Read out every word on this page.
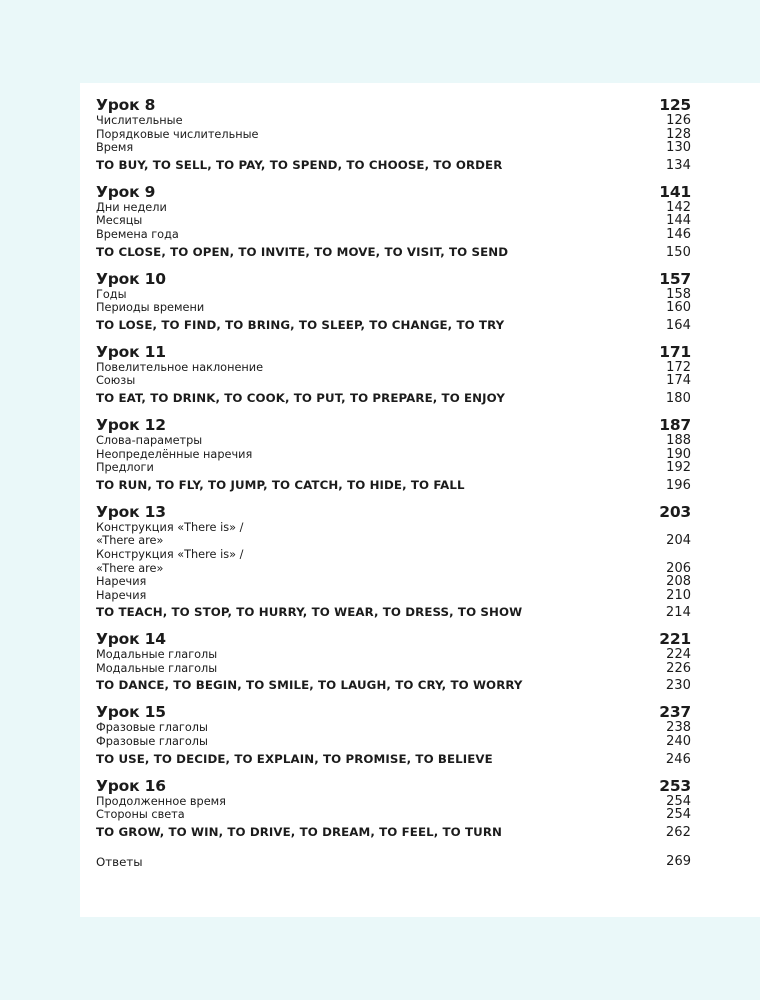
Урок 8	125
Числительные	126
Порядковые числительные	128
Время	130
TO BUY, TO SELL, TO PAY, TO SPEND, TO CHOOSE, TO ORDER	134
Урок 9	141
Дни недели	142
Месяцы	144
Времена года	146
TO CLOSE, TO OPEN, TO INVITE, TO MOVE, TO VISIT, TO SEND	150
Урок 10	157
Годы	158
Периоды времени	160
TO LOSE, TO FIND, TO BRING, TO SLEEP, TO CHANGE, TO TRY	164
Урок 11	171
Повелительное наклонение	172
Союзы	174
TO EAT, TO DRINK, TO COOK, TO PUT, TO PREPARE, TO ENJOY	180
Урок 12	187
Слова-параметры	188
Неопределённые наречия	190
Предлоги	192
TO RUN, TO FLY, TO JUMP, TO CATCH, TO HIDE, TO FALL	196
Урок 13	203
Конструкция «There is» /
«There are»	204
Конструкция «There is» /
«There are»	206
Наречия	208
Наречия	210
TO TEACH, TO STOP, TO HURRY, TO WEAR, TO DRESS, TO SHOW	214
Урок 14	221
Модальные глаголы	224
Модальные глаголы	226
TO DANCE, TO BEGIN, TO SMILE, TO LAUGH, TO CRY, TO WORRY	230
Урок 15	237
Фразовые глаголы	238
Фразовые глаголы	240
TO USE, TO DECIDE, TO EXPLAIN, TO PROMISE, TO BELIEVE	246
Урок 16	253
Продолженное время	254
Стороны света	254
TO GROW, TO WIN, TO DRIVE, TO DREAM, TO FEEL, TO TURN	262
Ответы	269
